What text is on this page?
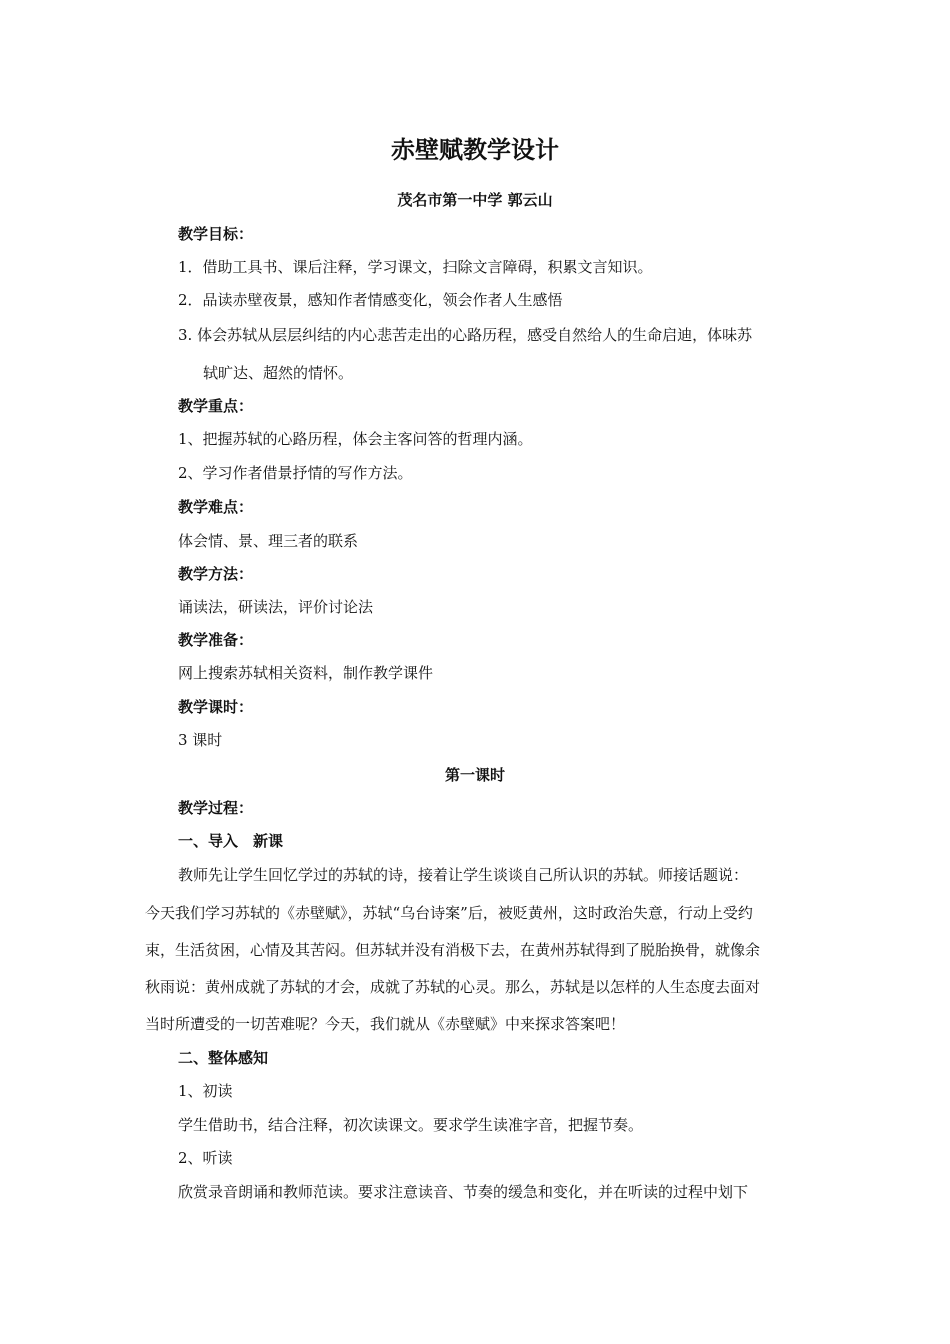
赤壁赋教学设计
茂名市第一中学 郭云山
教学目标：
1．借助工具书、课后注释，学习课文，扫除文言障碍，积累文言知识。
2．品读赤壁夜景，感知作者情感变化，领会作者人生感悟
3. 体会苏轼从层层纠结的内心悲苦走出的心路历程，感受自然给人的生命启迪，体味苏
轼旷达、超然的情怀。
教学重点：
1、把握苏轼的心路历程，体会主客问答的哲理内涵。
2、学习作者借景抒情的写作方法。
教学难点：
体会情、景、理三者的联系
教学方法：
诵读法，研读法，评价讨论法
教学准备：
网上搜索苏轼相关资料，制作教学课件
教学课时：
3 课时
第一课时
教学过程：
一、导入　新课
教师先让学生回忆学过的苏轼的诗，接着让学生谈谈自己所认识的苏轼。师接话题说：
今天我们学习苏轼的《赤壁赋》，苏轼“乌台诗案”后，被贬黄州，这时政治失意，行动上受约
束，生活贫困，心情及其苦闷。但苏轼并没有消极下去，在黄州苏轼得到了脱胎换骨，就像余
秋雨说：黄州成就了苏轼的才会，成就了苏轼的心灵。那么，苏轼是以怎样的人生态度去面对
当时所遭受的一切苦难呢？今天，我们就从《赤壁赋》中来探求答案吧！
二、整体感知
1、初读
学生借助书，结合注释，初次读课文。要求学生读准字音，把握节奏。
2、听读
欣赏录音朗诵和教师范读。要求注意读音、节奏的缓急和变化，并在听读的过程中划下
